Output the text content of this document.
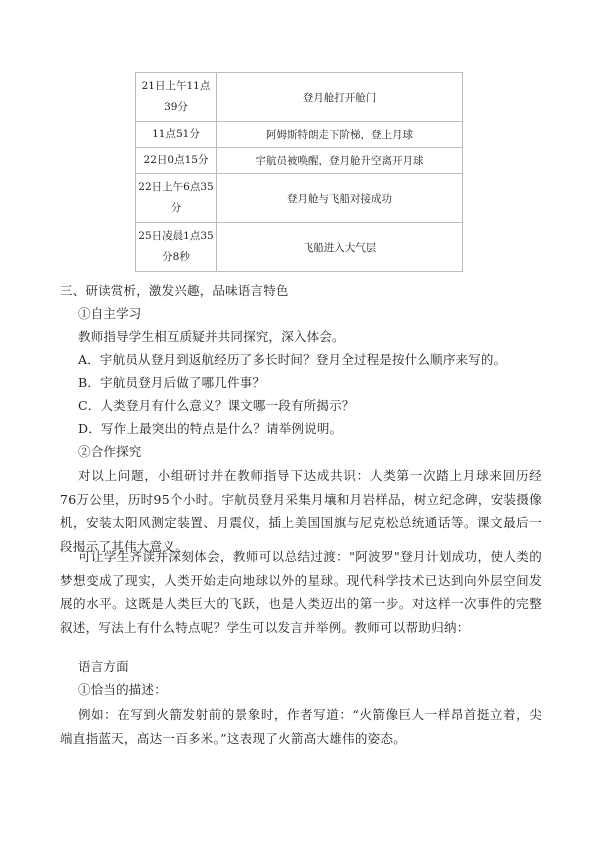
21日上午11点39分	登月舱打开舱门
11点51分	阿姆斯特朗走下阶梯，登上月球
22日0点15分	宇航员被唤醒，登月舱升空离开月球
22日上午6点35分	登月舱与飞船对接成功
25日凌晨1点35分8秒	飞船进入大气层
三、研读赏析，激发兴趣，品味语言特色
①自主学习
教师指导学生相互质疑并共同探究，深入体会。
A．宇航员从登月到返航经历了多长时间？登月全过程是按什么顺序来写的。
B．宇航员登月后做了哪几件事？
C．人类登月有什么意义？课文哪一段有所揭示？
D．写作上最突出的特点是什么？请举例说明。
②合作探究
对以上问题，小组研讨并在教师指导下达成共识：人类第一次踏上月球来回历经76万公里，历时95个小时。宇航员登月采集月壤和月岩样品，树立纪念碑，安装摄像机，安装太阳风测定装置、月震仪，插上美国国旗与尼克松总统通话等。课文最后一段揭示了其伟大意义。
可让学生齐读并深刻体会，教师可以总结过渡："阿波罗"登月计划成功，使人类的梦想变成了现实，人类开始走向地球以外的星球。现代科学技术已达到向外层空间发展的水平。这既是人类巨大的飞跃，也是人类迈出的第一步。对这样一次事件的完整叙述，写法上有什么特点呢？学生可以发言并举例。教师可以帮助归纳：
语言方面
①恰当的描述：
例如：在写到火箭发射前的景象时，作者写道：“火箭像巨人一样昂首挺立着，尖端直指蓝天，高达一百多米。”这表现了火箭高大雄伟的姿态。
